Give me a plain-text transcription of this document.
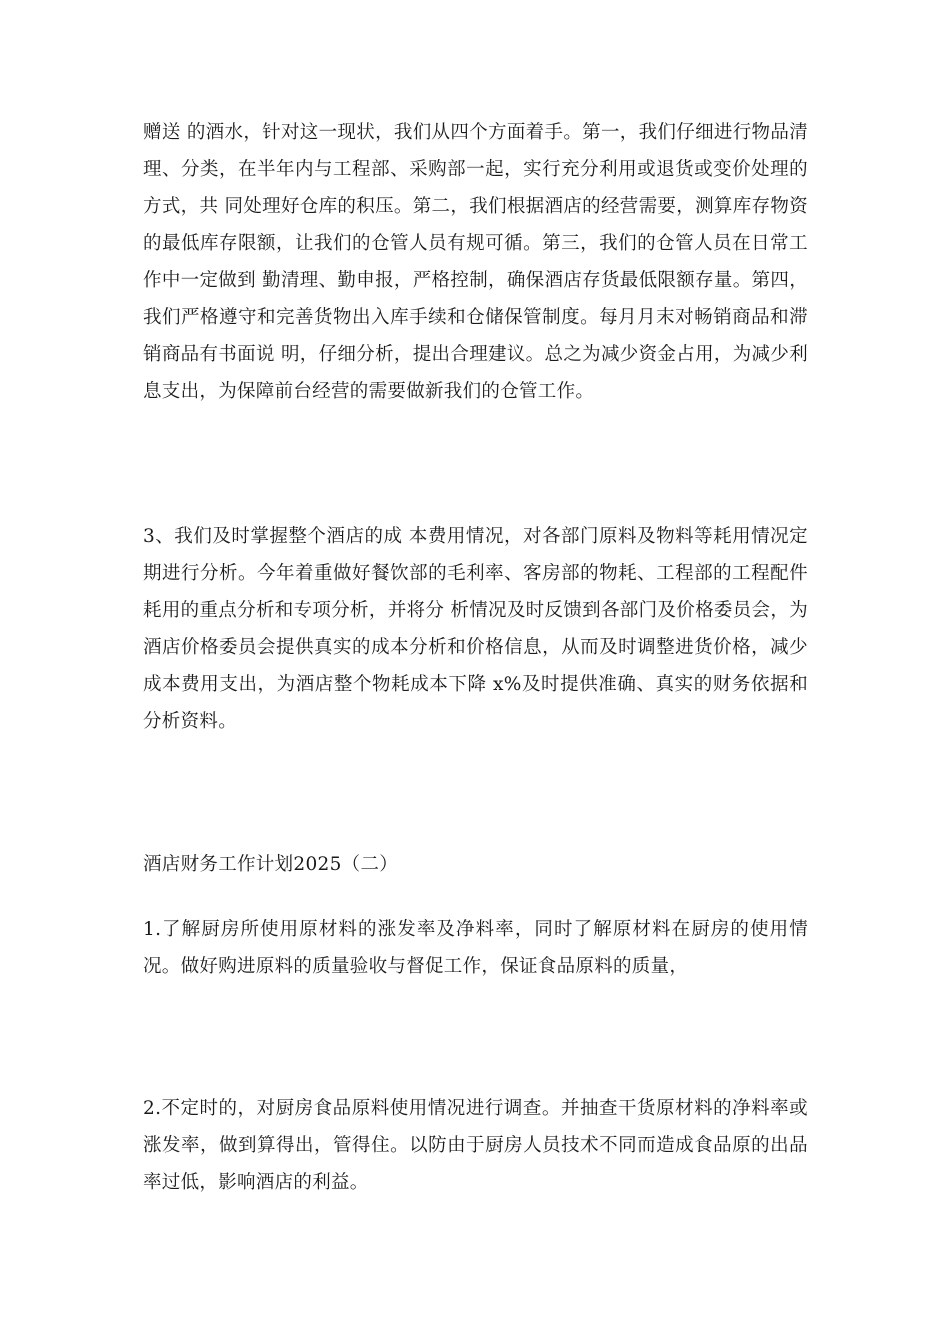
赠送 的酒水，针对这一现状，我们从四个方面着手。第一，我们仔细进行物品清理、分类，在半年内与工程部、采购部一起，实行充分利用或退货或变价处理的方式，共 同处理好仓库的积压。第二，我们根据酒店的经营需要，测算库存物资的最低库存限额，让我们的仓管人员有规可循。第三，我们的仓管人员在日常工作中一定做到 勤清理、勤申报，严格控制，确保酒店存货最低限额存量。第四，我们严格遵守和完善货物出入库手续和仓储保管制度。每月月末对畅销商品和滞销商品有书面说 明，仔细分析，提出合理建议。总之为减少资金占用，为减少利息支出，为保障前台经营的需要做新我们的仓管工作。

3、我们及时掌握整个酒店的成 本费用情况，对各部门原料及物料等耗用情况定期进行分析。今年着重做好餐饮部的毛利率、客房部的物耗、工程部的工程配件耗用的重点分析和专项分析，并将分 析情况及时反馈到各部门及价格委员会，为酒店价格委员会提供真实的成本分析和价格信息，从而及时调整进货价格，减少成本费用支出，为酒店整个物耗成本下降 x%及时提供准确、真实的财务依据和分析资料。

酒店财务工作计划2025（二）

1.了解厨房所使用原材料的涨发率及净料率，同时了解原材料在厨房的使用情况。做好购进原料的质量验收与督促工作，保证食品原料的质量，

2.不定时的，对厨房食品原料使用情况进行调查。并抽查干货原材料的净料率或涨发率，做到算得出，管得住。以防由于厨房人员技术不同而造成食品原的出品率过低，影响酒店的利益。
